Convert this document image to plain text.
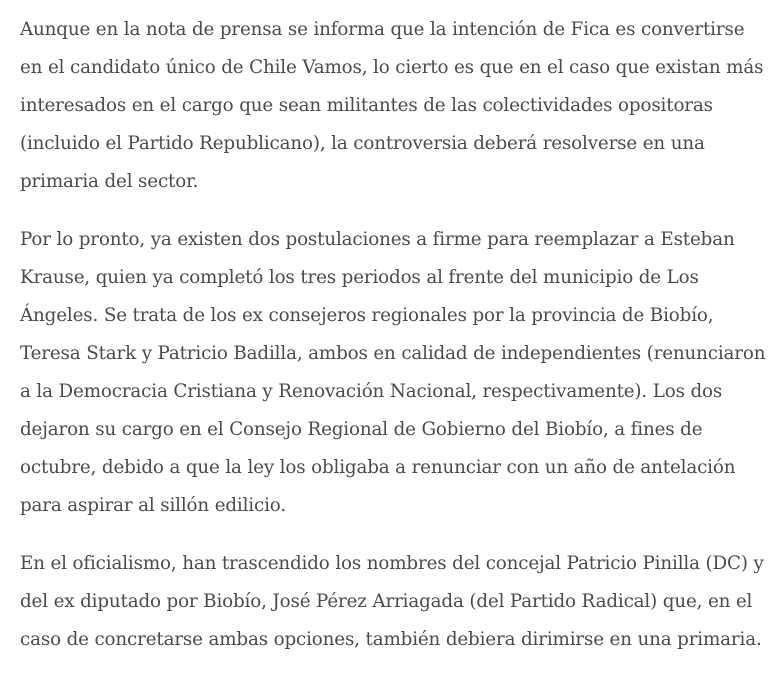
Aunque en la nota de prensa se informa que la intención de Fica es convertirse en el candidato único de Chile Vamos, lo cierto es que en el caso que existan más interesados en el cargo que sean militantes de las colectividades opositoras (incluido el Partido Republicano), la controversia deberá resolverse en una primaria del sector.

Por lo pronto, ya existen dos postulaciones a firme para reemplazar a Esteban Krause, quien ya completó los tres periodos al frente del municipio de Los Ángeles. Se trata de los ex consejeros regionales por la provincia de Biobío, Teresa Stark y Patricio Badilla, ambos en calidad de independientes (renunciaron a la Democracia Cristiana y Renovación Nacional, respectivamente). Los dos dejaron su cargo en el Consejo Regional de Gobierno del Biobío, a fines de octubre, debido a que la ley los obligaba a renunciar con un año de antelación para aspirar al sillón edilicio.

En el oficialismo, han trascendido los nombres del concejal Patricio Pinilla (DC) y del ex diputado por Biobío, José Pérez Arriagada (del Partido Radical) que, en el caso de concretarse ambas opciones, también debiera dirimirse en una primaria.
